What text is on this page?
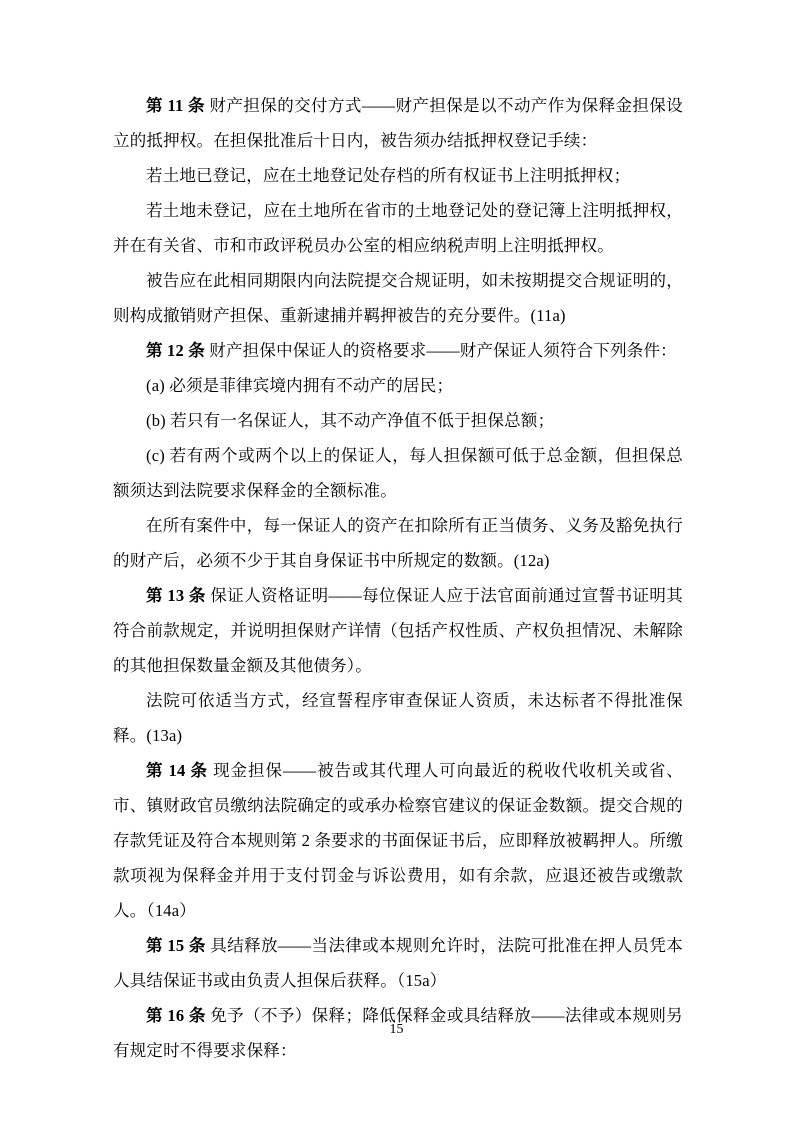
第 11 条 财产担保的交付方式——财产担保是以不动产作为保释金担保设立的抵押权。在担保批准后十日内，被告须办结抵押权登记手续：

若土地已登记，应在土地登记处存档的所有权证书上注明抵押权；

若土地未登记，应在土地所在省市的土地登记处的登记簿上注明抵押权，并在有关省、市和市政评税员办公室的相应纳税声明上注明抵押权。

被告应在此相同期限内向法院提交合规证明，如未按期提交合规证明的，则构成撤销财产担保、重新逮捕并羁押被告的充分要件。(11a)

第 12 条 财产担保中保证人的资格要求——财产保证人须符合下列条件：

(a) 必须是菲律宾境内拥有不动产的居民；

(b) 若只有一名保证人，其不动产净值不低于担保总额；

(c) 若有两个或两个以上的保证人，每人担保额可低于总金额，但担保总额须达到法院要求保释金的全额标准。

在所有案件中，每一保证人的资产在扣除所有正当债务、义务及豁免执行的财产后，必须不少于其自身保证书中所规定的数额。(12a)

第 13 条 保证人资格证明——每位保证人应于法官面前通过宣誓书证明其符合前款规定，并说明担保财产详情（包括产权性质、产权负担情况、未解除的其他担保数量金额及其他债务）。

法院可依适当方式，经宣誓程序审查保证人资质，未达标者不得批准保释。(13a)

第 14 条 现金担保——被告或其代理人可向最近的税收代收机关或省、市、镇财政官员缴纳法院确定的或承办检察官建议的保证金数额。提交合规的存款凭证及符合本规则第 2 条要求的书面保证书后，应即释放被羁押人。所缴款项视为保释金并用于支付罚金与诉讼费用，如有余款，应退还被告或缴款人。（14a）

第 15 条 具结释放——当法律或本规则允许时，法院可批准在押人员凭本人具结保证书或由负责人担保后获释。（15a）

第 16 条 免予（不予）保释；降低保释金或具结释放——法律或本规则另有规定时不得要求保释：

15
